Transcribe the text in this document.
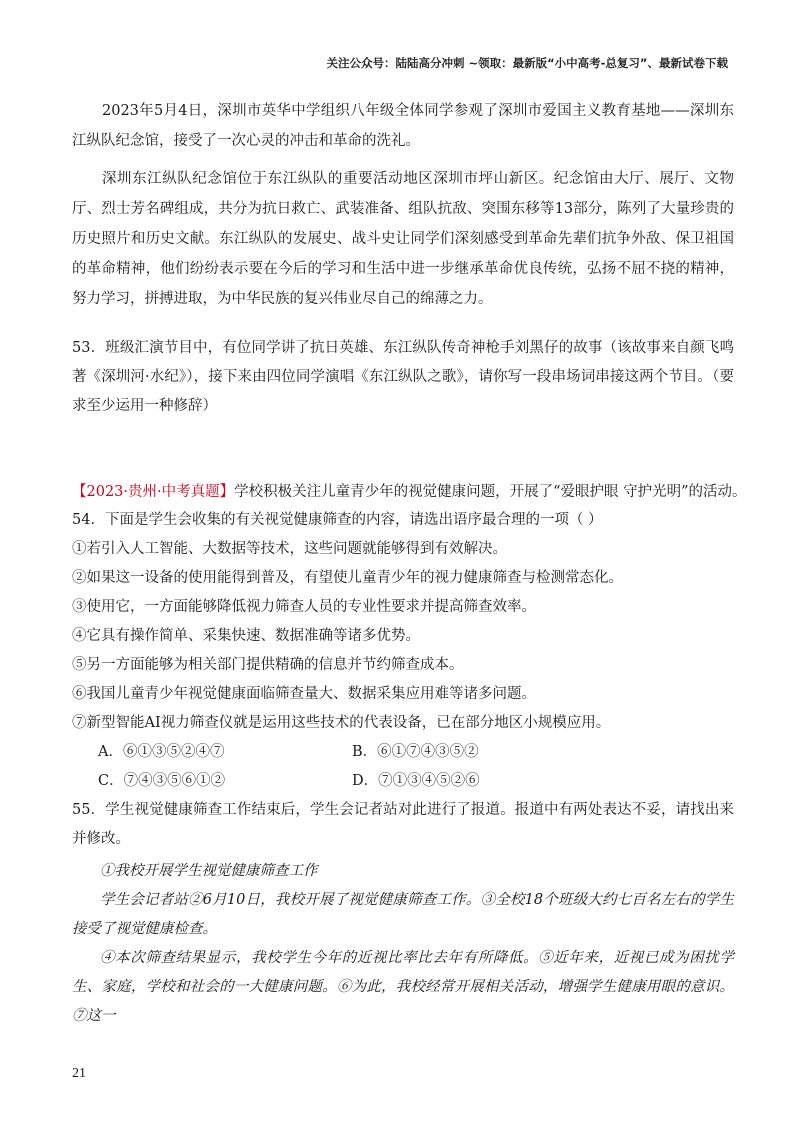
关注公众号：陆陆高分冲刺 ~领取：最新版“小中高考-总复习”、最新试卷下载

2023年5月4日，深圳市英华中学组织八年级全体同学参观了深圳市爱国主义教育基地——深圳东江纵队纪念馆，接受了一次心灵的冲击和革命的洗礼。

深圳东江纵队纪念馆位于东江纵队的重要活动地区深圳市坪山新区。纪念馆由大厅、展厅、文物厅、烈士芳名碑组成，共分为抗日救亡、武装准备、组队抗敌、突围东移等13部分，陈列了大量珍贵的历史照片和历史文献。东江纵队的发展史、战斗史让同学们深刻感受到革命先辈们抗争外敌、保卫祖国的革命精神，他们纷纷表示要在今后的学习和生活中进一步继承革命优良传统，弘扬不屈不挠的精神，努力学习，拼搏进取，为中华民族的复兴伟业尽自己的绵薄之力。

53．班级汇演节目中，有位同学讲了抗日英雄、东江纵队传奇神枪手刘黑仔的故事（该故事来自颜飞鸣著《深圳河·水纪》），接下来由四位同学演唱《东江纵队之歌》，请你写一段串场词串接这两个节目。（要求至少运用一种修辞）

【2023·贵州·中考真题】学校积极关注儿童青少年的视觉健康问题，开展了“爱眼护眼 守护光明”的活动。

54．下面是学生会收集的有关视觉健康筛查的内容，请选出语序最合理的一项（ ）

①若引入人工智能、大数据等技术，这些问题就能够得到有效解决。

②如果这一设备的使用能得到普及，有望使儿童青少年的视力健康筛查与检测常态化。

③使用它，一方面能够降低视力筛查人员的专业性要求并提高筛查效率。

④它具有操作简单、采集快速、数据准确等诸多优势。

⑤另一方面能够为相关部门提供精确的信息并节约筛查成本。

⑥我国儿童青少年视觉健康面临筛查量大、数据采集应用难等诸多问题。

⑦新型智能AI视力筛查仪就是运用这些技术的代表设备，已在部分地区小规模应用。

A．⑥①③⑤②④⑦	B．⑥①⑦④③⑤②
C．⑦④③⑤⑥①②	D．⑦①③④⑤②⑥

55．学生视觉健康筛查工作结束后，学生会记者站对此进行了报道。报道中有两处表达不妥，请找出来并修改。

①我校开展学生视觉健康筛查工作

学生会记者站②6月10日，我校开展了视觉健康筛查工作。③全校18个班级大约七百名左右的学生接受了视觉健康检查。

④本次筛查结果显示，我校学生今年的近视比率比去年有所降低。⑤近年来，近视已成为困扰学生、家庭，学校和社会的一大健康问题。⑥为此，我校经常开展相关活动，增强学生健康用眼的意识。⑦这一

21
